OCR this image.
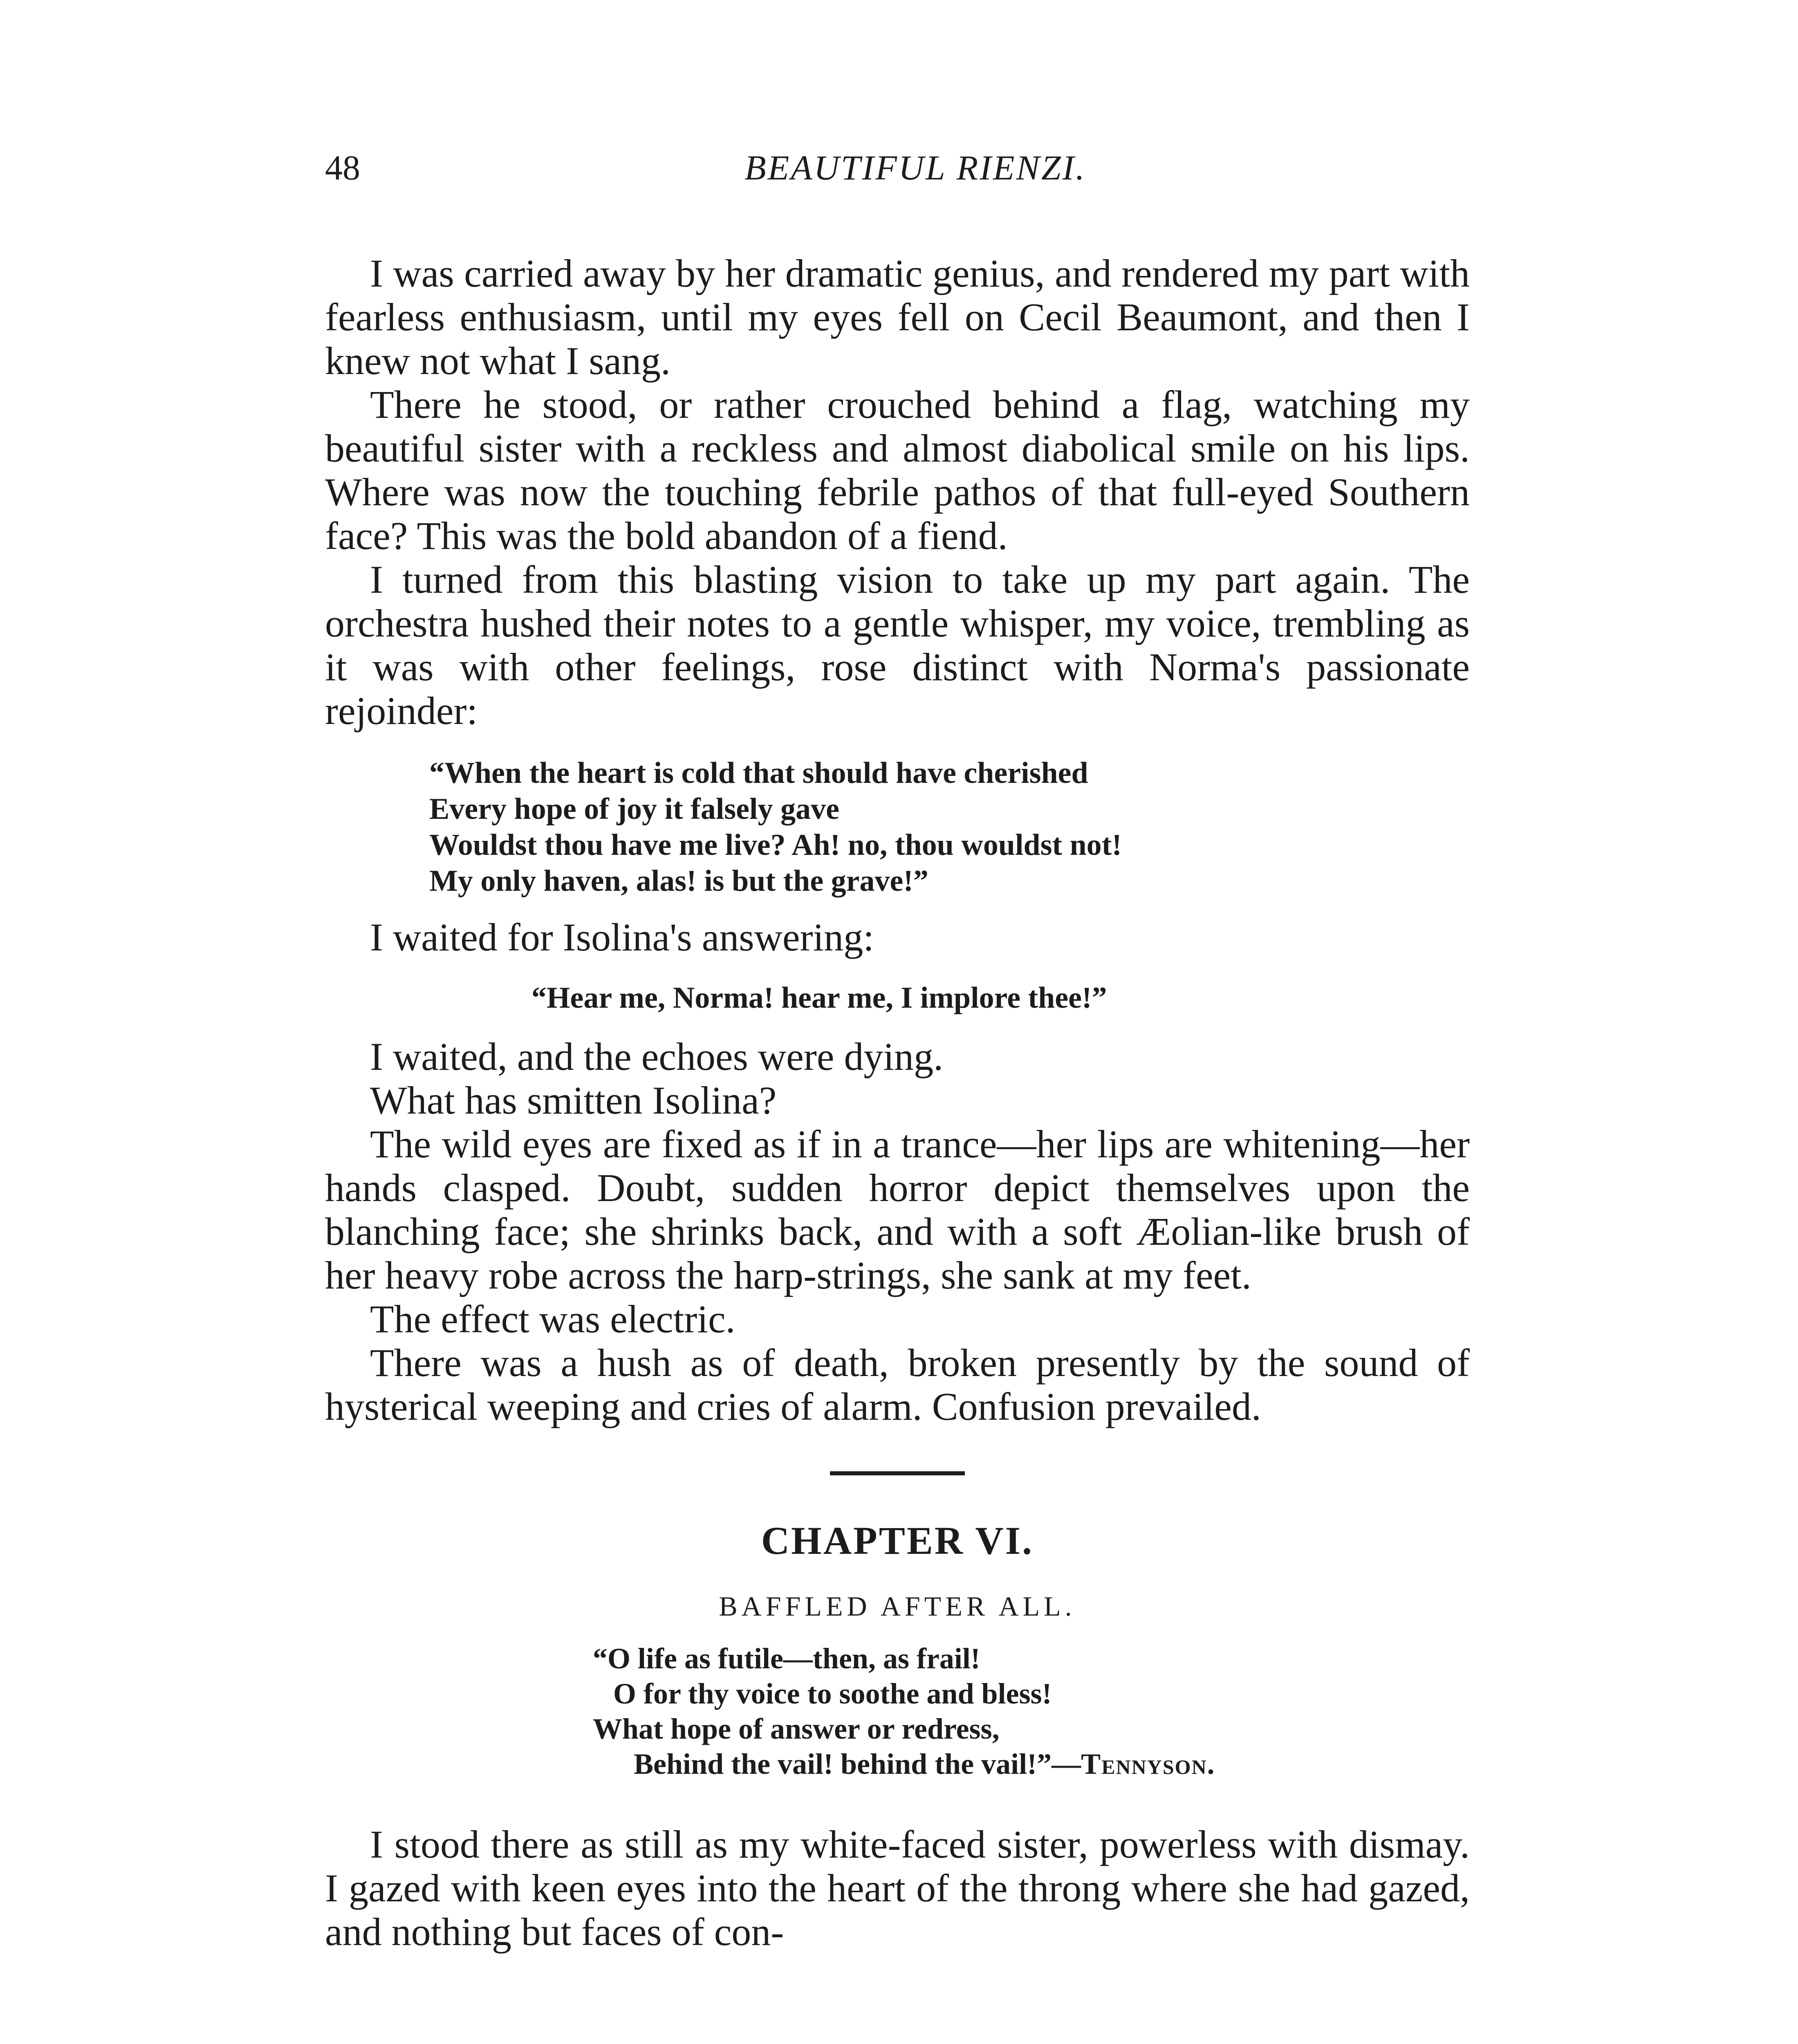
48	BEAUTIFUL RIENZI.

I was carried away by her dramatic genius, and rendered my part with fearless enthusiasm, until my eyes fell on Cecil Beaumont, and then I knew not what I sang.

There he stood, or rather crouched behind a flag, watching my beautiful sister with a reckless and almost diabolical smile on his lips. Where was now the touching febrile pathos of that full-eyed Southern face? This was the bold abandon of a fiend.

I turned from this blasting vision to take up my part again. The orchestra hushed their notes to a gentle whisper, my voice, trembling as it was with other feelings, rose distinct with Norma's passionate rejoinder:

“When the heart is cold that should have cherished
Every hope of joy it falsely gave
Wouldst thou have me live? Ah! no, thou wouldst not!
My only haven, alas! is but the grave!”

I waited for Isolina's answering:

“Hear me, Norma! hear me, I implore thee!”

I waited, and the echoes were dying.

What has smitten Isolina?

The wild eyes are fixed as if in a trance—her lips are whitening—her hands clasped. Doubt, sudden horror depict themselves upon the blanching face; she shrinks back, and with a soft Æolian-like brush of her heavy robe across the harp-strings, she sank at my feet.

The effect was electric.

There was a hush as of death, broken presently by the sound of hysterical weeping and cries of alarm. Confusion prevailed.

CHAPTER VI.
BAFFLED AFTER ALL.
“O life as futile—then, as frail!
O for thy voice to soothe and bless!
What hope of answer or redress,
Behind the vail! behind the vail!”—Tennyson.

I stood there as still as my white-faced sister, powerless with dismay. I gazed with keen eyes into the heart of the throng where she had gazed, and nothing but faces of con-
